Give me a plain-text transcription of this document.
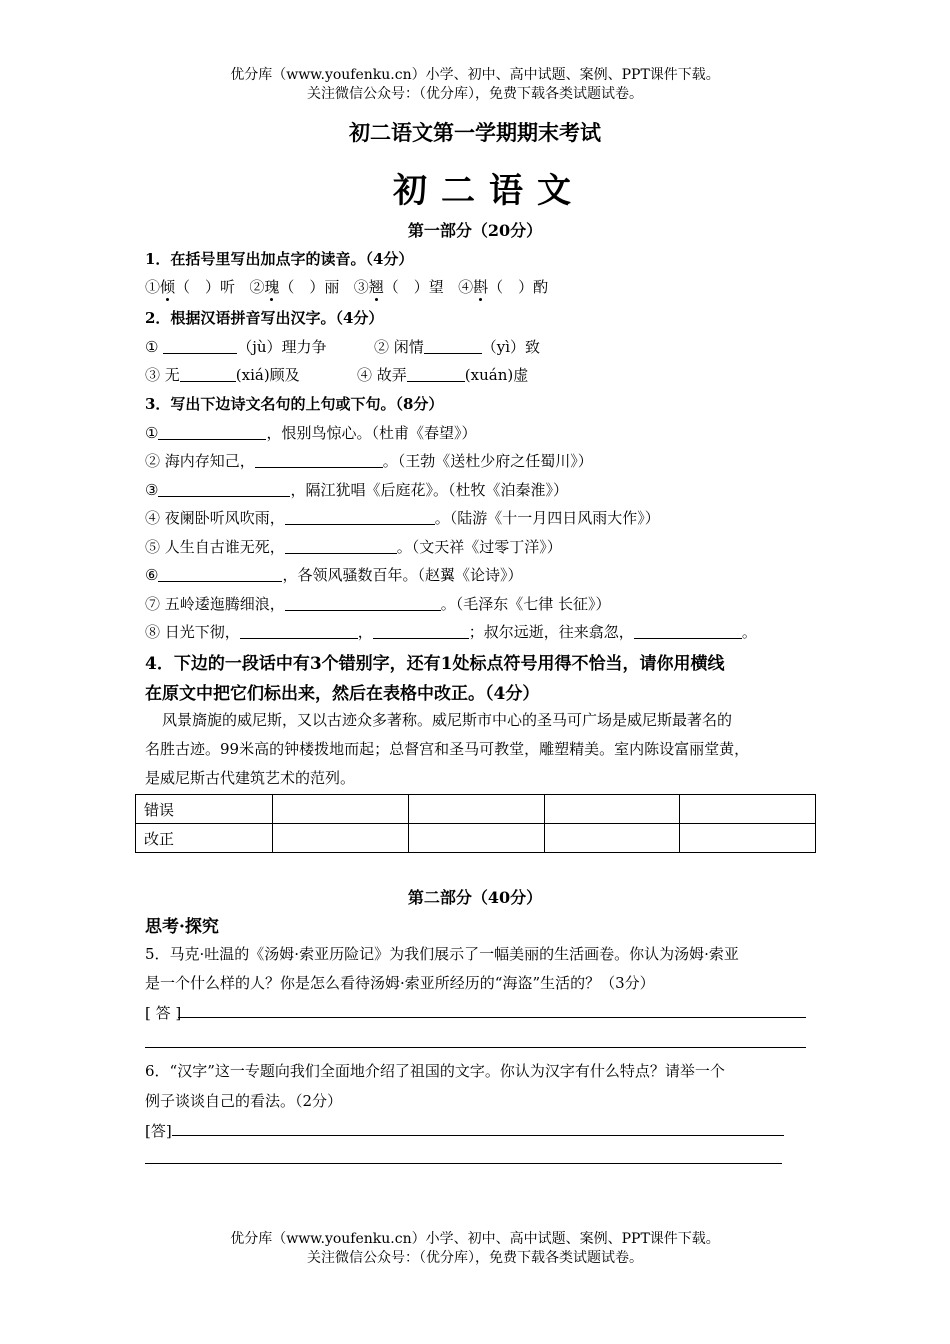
优分库（www.youfenku.cn）小学、初中、高中试题、案例、PPT课件下载。
关注微信公众号：（优分库），免费下载各类试题试卷。
初二语文第一学期期末考试
初二语文
第一部分（20分）
1．在括号里写出加点字的读音。（4分）
①倾（　）听 ②瑰（　）丽 ③翘（　）望 ④斟（　）酌
2．根据汉语拼音写出汉字。（4分）
①	（jù）理力争	② 闲情	（yì）致
③ 无	(xiá)顾及	④ 故弄	(xuán)虚
3．写出下边诗文名句的上句或下句。（8分）
①	，恨别鸟惊心。（杜甫《春望》）
② 海内存知己，	。（王勃《送杜少府之任蜀川》）
③	，隔江犹唱《后庭花》。（杜牧《泊秦淮》）
④ 夜阑卧听风吹雨，	。（陆游《十一月四日风雨大作》）
⑤ 人生自古谁无死，	。（文天祥《过零丁洋》）
⑥	，各领风骚数百年。（赵翼《论诗》）
⑦ 五岭逶迤腾细浪，	。（毛泽东《七律 长征》）
⑧ 日光下彻，	，	；叔尔远逝，往来翕忽，	。
4．下边的一段话中有3个错别字，还有1处标点符号用得不恰当，请你用横线
在原文中把它们标出来，然后在表格中改正。（4分）
风景旖旎的威尼斯，又以古迹众多著称。威尼斯市中心的圣马可广场是威尼斯最著名的
名胜古迹。99米高的钟楼拨地而起；总督宫和圣马可教堂，雕塑精美。室内陈设富丽堂黄，
是威尼斯古代建筑艺术的范列。
错误				
改正				
第二部分（40分）
思考·探究
5．马克·吐温的《汤姆·索亚历险记》为我们展示了一幅美丽的生活画卷。你认为汤姆·索亚
是一个什么样的人？你是怎么看待汤姆·索亚所经历的“海盗”生活的？（3分）
[ 答 ]
6．“汉字”这一专题向我们全面地介绍了祖国的文字。你认为汉字有什么特点？请举一个
例子谈谈自己的看法。（2分）
[答]
优分库（www.youfenku.cn）小学、初中、高中试题、案例、PPT课件下载。
关注微信公众号：（优分库），免费下载各类试题试卷。
